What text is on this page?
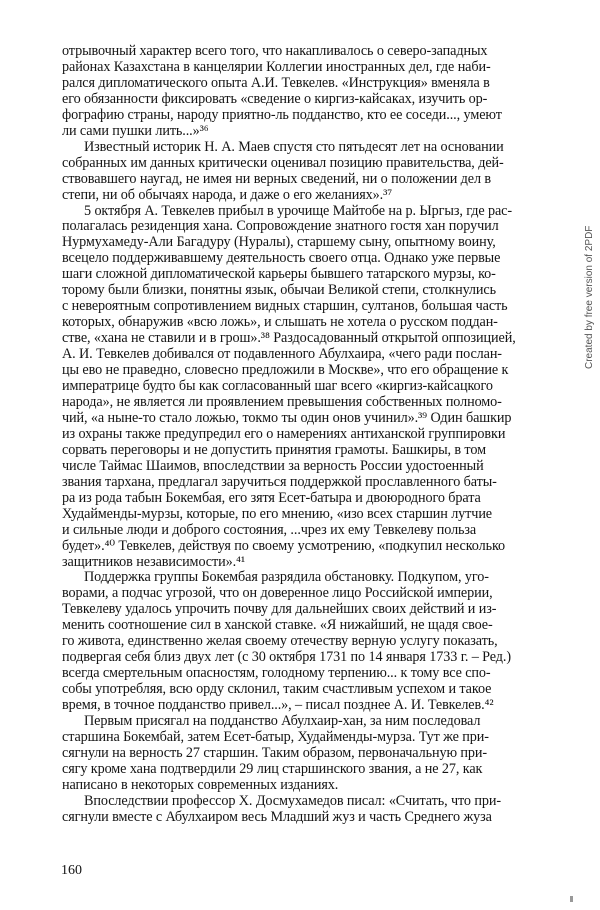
отрывочный характер всего того, что накапливалось о северо-западных
районах Казахстана в канцелярии Коллегии иностранных дел, где наби-
рался дипломатического опыта А.И. Тевкелев. «Инструкция» вменяла в
его обязанности фиксировать «сведение о киргиз-кайсаках, изучить ор-
фографию страны, народу приятно-ль подданство, кто ее соседи..., умеют
ли сами пушки лить...»³⁶
Известный историк Н. А. Маев спустя сто пятьдесят лет на основании
собранных им данных критически оценивал позицию правительства, дей-
ствовавшего наугад, не имея ни верных сведений, ни о положении дел в
степи, ни об обычаях народа, и даже о его желаниях».³⁷
5 октября А. Тевкелев прибыл в урочище Майтобе на р. Ыргыз, где рас-
полагалась резиденция хана. Сопровождение знатного гостя хан поручил
Нурмухамеду-Али Багадуру (Нуралы), старшему сыну, опытному воину,
всецело поддерживавшему деятельность своего отца. Однако уже первые
шаги сложной дипломатической карьеры бывшего татарского мурзы, ко-
торому были близки, понятны язык, обычаи Великой степи, столкнулись
с невероятным сопротивлением видных старшин, султанов, большая часть
которых, обнаружив «всю ложь», и слышать не хотела о русском поддан-
стве, «хана не ставили и в грош».³⁸ Раздосадованный открытой оппозицией,
А. И. Тевкелев добивался от подавленного Абулхаира, «чего ради послан-
цы ево не праведно, словесно предложили в Москве», что его обращение к
императрице будто бы как согласованный шаг всего «киргиз-кайсацкого
народа», не является ли проявлением превышения собственных полномо-
чий, «а ныне-то стало ложью, токмо ты один онов учинил».³⁹ Один башкир
из охраны также предупредил его о намерениях антиханской группировки
сорвать переговоры и не допустить принятия грамоты. Башкиры, в том
числе Таймас Шаимов, впоследствии за верность России удостоенный
звания тархана, предлагал заручиться поддержкой прославленного баты-
ра из рода табын Бокембая, его зятя Есет-батыра и двоюродного брата
Худайменды-мурзы, которые, по его мнению, «изо всех старшин лутчие
и сильные люди и доброго состояния, ...чрез их ему Тевкелеву польза
будет».⁴⁰ Тевкелев, действуя по своему усмотрению, «подкупил несколько
защитников независимости».⁴¹
Поддержка группы Бокембая разрядила обстановку. Подкупом, уго-
ворами, а подчас угрозой, что он доверенное лицо Российской империи,
Тевкелеву удалось упрочить почву для дальнейших своих действий и из-
менить соотношение сил в ханской ставке. «Я нижайший, не щадя свое-
го живота, единственно желая своему отечеству верную услугу показать,
подвергая себя близ двух лет (с 30 октября 1731 по 14 января 1733 г. – Ред.)
всегда смертельным опасностям, голодному терпению... к тому все спо-
собы употребляя, всю орду склонил, таким счастливым успехом и такое
время, в точное подданство привел...», – писал позднее А. И. Тевкелев.⁴²
Первым присягал на подданство Абулхаир-хан, за ним последовал
старшина Бокембай, затем Есет-батыр, Худайменды-мурза. Тут же при-
сягнули на верность 27 старшин. Таким образом, первоначальную при-
сягу кроме хана подтвердили 29 лиц старшинского звания, а не 27, как
написано в некоторых современных изданиях.
Впоследствии профессор Х. Досмухамедов писал: «Считать, что при-
сягнули вместе с Абулхаиром весь Младший жуз и часть Среднего жуза
160
Created by free version of 2PDF
